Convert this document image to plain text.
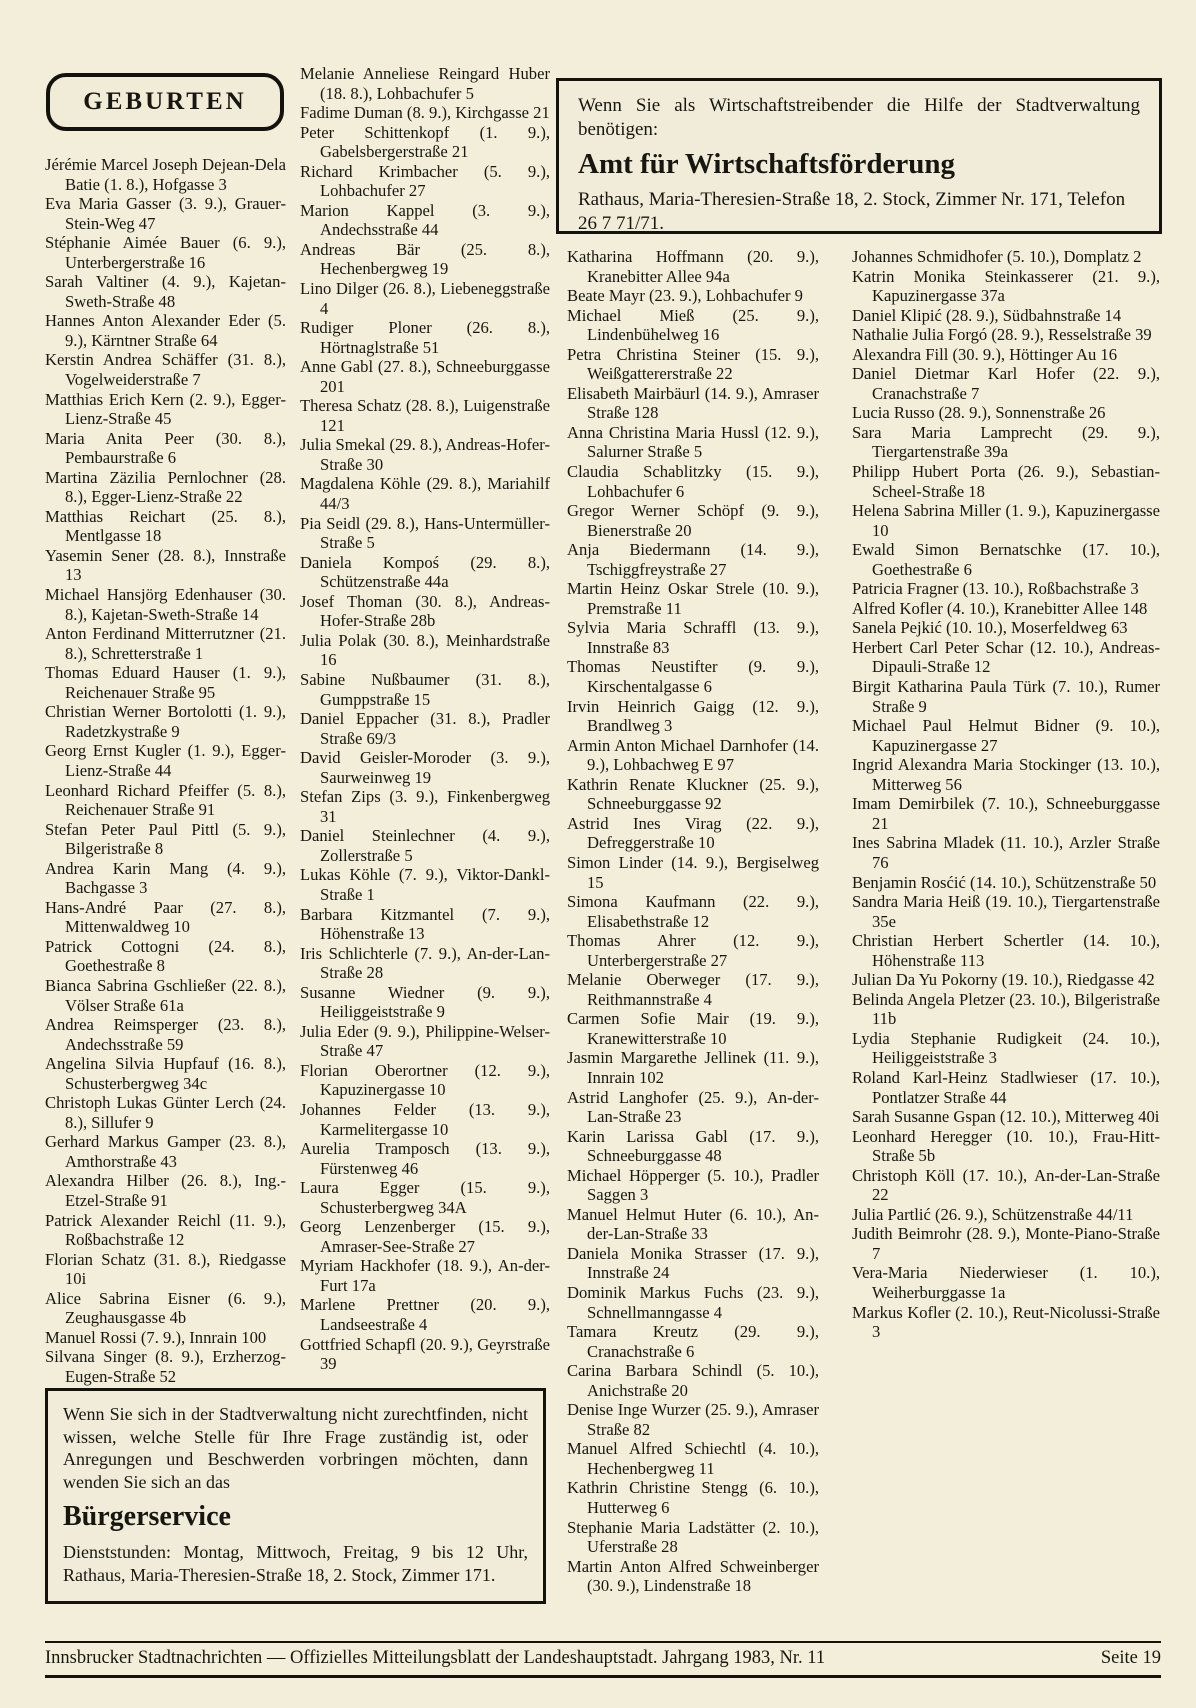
GEBURTEN
Jérémie Marcel Joseph Dejean-Dela Batie (1. 8.), Hofgasse 3
Eva Maria Gasser (3. 9.), Grauer-Stein-Weg 47
Stéphanie Aimée Bauer (6. 9.), Unterbergerstraße 16
Sarah Valtiner (4. 9.), Kajetan-Sweth-Straße 48
Hannes Anton Alexander Eder (5. 9.), Kärntner Straße 64
Kerstin Andrea Schäffer (31. 8.), Vogelweiderstraße 7
Matthias Erich Kern (2. 9.), Egger-Lienz-Straße 45
Maria Anita Peer (30. 8.), Pembaurstraße 6
Martina Zäzilia Pernlochner (28. 8.), Egger-Lienz-Straße 22
Matthias Reichart (25. 8.), Mentlgasse 18
Yasemin Sener (28. 8.), Innstraße 13
Michael Hansjörg Edenhauser (30. 8.), Kajetan-Sweth-Straße 14
Anton Ferdinand Mitterrutzner (21. 8.), Schretterstraße 1
Thomas Eduard Hauser (1. 9.), Reichenauer Straße 95
Christian Werner Bortolotti (1. 9.), Radetzkystraße 9
Georg Ernst Kugler (1. 9.), Egger-Lienz-Straße 44
Leonhard Richard Pfeiffer (5. 8.), Reichenauer Straße 91
Stefan Peter Paul Pittl (5. 9.), Bilgeristraße 8
Andrea Karin Mang (4. 9.), Bachgasse 3
Hans-André Paar (27. 8.), Mittenwaldweg 10
Patrick Cottogni (24. 8.), Goethestraße 8
Bianca Sabrina Gschließer (22. 8.), Völser Straße 61a
Andrea Reimsperger (23. 8.), Andechsstraße 59
Angelina Silvia Hupfauf (16. 8.), Schusterbergweg 34c
Christoph Lukas Günter Lerch (24. 8.), Sillufer 9
Gerhard Markus Gamper (23. 8.), Amthorstraße 43
Alexandra Hilber (26. 8.), Ing.-Etzel-Straße 91
Patrick Alexander Reichl (11. 9.), Roßbachstraße 12
Florian Schatz (31. 8.), Riedgasse 10i
Alice Sabrina Eisner (6. 9.), Zeughausgasse 4b
Manuel Rossi (7. 9.), Innrain 100
Silvana Singer (8. 9.), Erzherzog-Eugen-Straße 52
Melanie Anneliese Reingard Huber (18. 8.), Lohbachufer 5
Fadime Duman (8. 9.), Kirchgasse 21
Peter Schittenkopf (1. 9.), Gabelsbergerstraße 21
Richard Krimbacher (5. 9.), Lohbachufer 27
Marion Kappel (3. 9.), Andechsstraße 44
Andreas Bär (25. 8.), Hechenbergweg 19
Lino Dilger (26. 8.), Liebeneggstraße 4
Rudiger Ploner (26. 8.), Hörtnaglstraße 51
Anne Gabl (27. 8.), Schneeburggasse 201
Theresa Schatz (28. 8.), Luigenstraße 121
Julia Smekal (29. 8.), Andreas-Hofer-Straße 30
Magdalena Köhle (29. 8.), Mariahilf 44/3
Pia Seidl (29. 8.), Hans-Untermüller-Straße 5
Daniela Kompoś (29. 8.), Schützenstraße 44a
Josef Thoman (30. 8.), Andreas-Hofer-Straße 28b
Julia Polak (30. 8.), Meinhardstraße 16
Sabine Nußbaumer (31. 8.), Gumppstraße 15
Daniel Eppacher (31. 8.), Pradler Straße 69/3
David Geisler-Moroder (3. 9.), Saurweinweg 19
Stefan Zips (3. 9.), Finkenbergweg 31
Daniel Steinlechner (4. 9.), Zollerstraße 5
Lukas Köhle (7. 9.), Viktor-Dankl-Straße 1
Barbara Kitzmantel (7. 9.), Höhenstraße 13
Iris Schlichterle (7. 9.), An-der-Lan-Straße 28
Susanne Wiedner (9. 9.), Heiliggeiststraße 9
Julia Eder (9. 9.), Philippine-Welser-Straße 47
Florian Oberortner (12. 9.), Kapuzinergasse 10
Johannes Felder (13. 9.), Karmelitergasse 10
Aurelia Tramposch (13. 9.), Fürstenweg 46
Laura Egger (15. 9.), Schusterbergweg 34A
Georg Lenzenberger (15. 9.), Amraser-See-Straße 27
Myriam Hackhofer (18. 9.), An-der-Furt 17a
Marlene Prettner (20. 9.), Landseestraße 4
Gottfried Schapfl (20. 9.), Geyrstraße 39
Wenn Sie als Wirtschaftstreibender die Hilfe der Stadtverwaltung benötigen:
Amt für Wirtschaftsförderung
Rathaus, Maria-Theresien-Straße 18, 2. Stock, Zimmer Nr. 171, Telefon 26 7 71/71.
Katharina Hoffmann (20. 9.), Kranebitter Allee 94a
Beate Mayr (23. 9.), Lohbachufer 9
Michael Mieß (25. 9.), Lindenbühelweg 16
Petra Christina Steiner (15. 9.), Weißgattererstraße 22
Elisabeth Mairbäurl (14. 9.), Amraser Straße 128
Anna Christina Maria Hussl (12. 9.), Salurner Straße 5
Claudia Schablitzky (15. 9.), Lohbachufer 6
Gregor Werner Schöpf (9. 9.), Bienerstraße 20
Anja Biedermann (14. 9.), Tschiggfreystraße 27
Martin Heinz Oskar Strele (10. 9.), Premstraße 11
Sylvia Maria Schraffl (13. 9.), Innstraße 83
Thomas Neustifter (9. 9.), Kirschentalgasse 6
Irvin Heinrich Gaigg (12. 9.), Brandlweg 3
Armin Anton Michael Darnhofer (14. 9.), Lohbachweg E 97
Kathrin Renate Kluckner (25. 9.), Schneeburggasse 92
Astrid Ines Virag (22. 9.), Defreggerstraße 10
Simon Linder (14. 9.), Bergiselweg 15
Simona Kaufmann (22. 9.), Elisabethstraße 12
Thomas Ahrer (12. 9.), Unterbergerstraße 27
Melanie Oberweger (17. 9.), Reithmannstraße 4
Carmen Sofie Mair (19. 9.), Kranewitterstraße 10
Jasmin Margarethe Jellinek (11. 9.), Innrain 102
Astrid Langhofer (25. 9.), An-der-Lan-Straße 23
Karin Larissa Gabl (17. 9.), Schneeburggasse 48
Michael Höpperger (5. 10.), Pradler Saggen 3
Manuel Helmut Huter (6. 10.), An-der-Lan-Straße 33
Daniela Monika Strasser (17. 9.), Innstraße 24
Dominik Markus Fuchs (23. 9.), Schnellmanngasse 4
Tamara Kreutz (29. 9.), Cranachstraße 6
Carina Barbara Schindl (5. 10.), Anichstraße 20
Denise Inge Wurzer (25. 9.), Amraser Straße 82
Manuel Alfred Schiechtl (4. 10.), Hechenbergweg 11
Kathrin Christine Stengg (6. 10.), Hutterweg 6
Stephanie Maria Ladstätter (2. 10.), Uferstraße 28
Martin Anton Alfred Schweinberger (30. 9.), Lindenstraße 18
Johannes Schmidhofer (5. 10.), Domplatz 2
Katrin Monika Steinkasserer (21. 9.), Kapuzinergasse 37a
Daniel Klipić (28. 9.), Südbahnstraße 14
Nathalie Julia Forgó (28. 9.), Resselstraße 39
Alexandra Fill (30. 9.), Höttinger Au 16
Daniel Dietmar Karl Hofer (22. 9.), Cranachstraße 7
Lucia Russo (28. 9.), Sonnenstraße 26
Sara Maria Lamprecht (29. 9.), Tiergartenstraße 39a
Philipp Hubert Porta (26. 9.), Sebastian-Scheel-Straße 18
Helena Sabrina Miller (1. 9.), Kapuzinergasse 10
Ewald Simon Bernatschke (17. 10.), Goethestraße 6
Patricia Fragner (13. 10.), Roßbachstraße 3
Alfred Kofler (4. 10.), Kranebitter Allee 148
Sanela Pejkić (10. 10.), Moserfeldweg 63
Herbert Carl Peter Schar (12. 10.), Andreas-Dipauli-Straße 12
Birgit Katharina Paula Türk (7. 10.), Rumer Straße 9
Michael Paul Helmut Bidner (9. 10.), Kapuzinergasse 27
Ingrid Alexandra Maria Stockinger (13. 10.), Mitterweg 56
Imam Demirbilek (7. 10.), Schneeburggasse 21
Ines Sabrina Mladek (11. 10.), Arzler Straße 76
Benjamin Rosćić (14. 10.), Schützenstraße 50
Sandra Maria Heiß (19. 10.), Tiergartenstraße 35e
Christian Herbert Schertler (14. 10.), Höhenstraße 113
Julian Da Yu Pokorny (19. 10.), Riedgasse 42
Belinda Angela Pletzer (23. 10.), Bilgeristraße 11b
Lydia Stephanie Rudigkeit (24. 10.), Heiliggeiststraße 3
Roland Karl-Heinz Stadlwieser (17. 10.), Pontlatzer Straße 44
Sarah Susanne Gspan (12. 10.), Mitterweg 40i
Leonhard Heregger (10. 10.), Frau-Hitt-Straße 5b
Christoph Köll (17. 10.), An-der-Lan-Straße 22
Julia Partlić (26. 9.), Schützenstraße 44/11
Judith Beimrohr (28. 9.), Monte-Piano-Straße 7
Vera-Maria Niederwieser (1. 10.), Weiherburggasse 1a
Markus Kofler (2. 10.), Reut-Nicolussi-Straße 3
Wenn Sie sich in der Stadtverwaltung nicht zurechtfinden, nicht wissen, welche Stelle für Ihre Frage zuständig ist, oder Anregungen und Beschwerden vorbringen möchten, dann wenden Sie sich an das
Bürgerservice
Dienststunden: Montag, Mittwoch, Freitag, 9 bis 12 Uhr, Rathaus, Maria-Theresien-Straße 18, 2. Stock, Zimmer 171.
Innsbrucker Stadtnachrichten — Offizielles Mitteilungsblatt der Landeshauptstadt. Jahrgang 1983, Nr. 11	Seite 19
